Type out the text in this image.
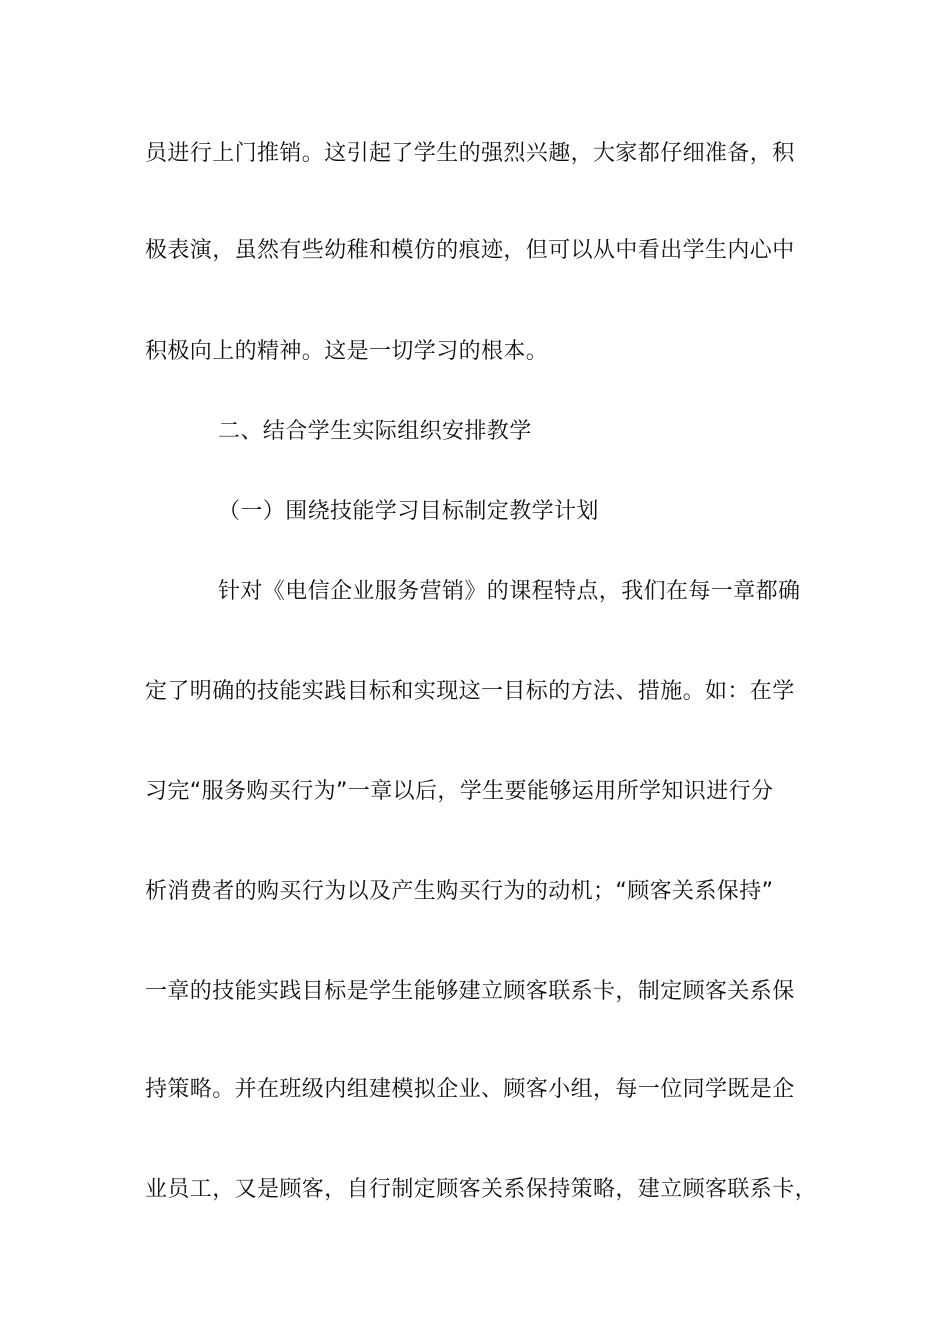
员进行上门推销。这引起了学生的强烈兴趣，大家都仔细准备，积
极表演，虽然有些幼稚和模仿的痕迹，但可以从中看出学生内心中
积极向上的精神。这是一切学习的根本。
二、结合学生实际组织安排教学
（一）围绕技能学习目标制定教学计划
针对《电信企业服务营销》的课程特点，我们在每一章都确
定了明确的技能实践目标和实现这一目标的方法、措施。如：在学
习完“服务购买行为”一章以后，学生要能够运用所学知识进行分
析消费者的购买行为以及产生购买行为的动机；“顾客关系保持”
一章的技能实践目标是学生能够建立顾客联系卡，制定顾客关系保
持策略。并在班级内组建模拟企业、顾客小组，每一位同学既是企
业员工，又是顾客，自行制定顾客关系保持策略，建立顾客联系卡，
